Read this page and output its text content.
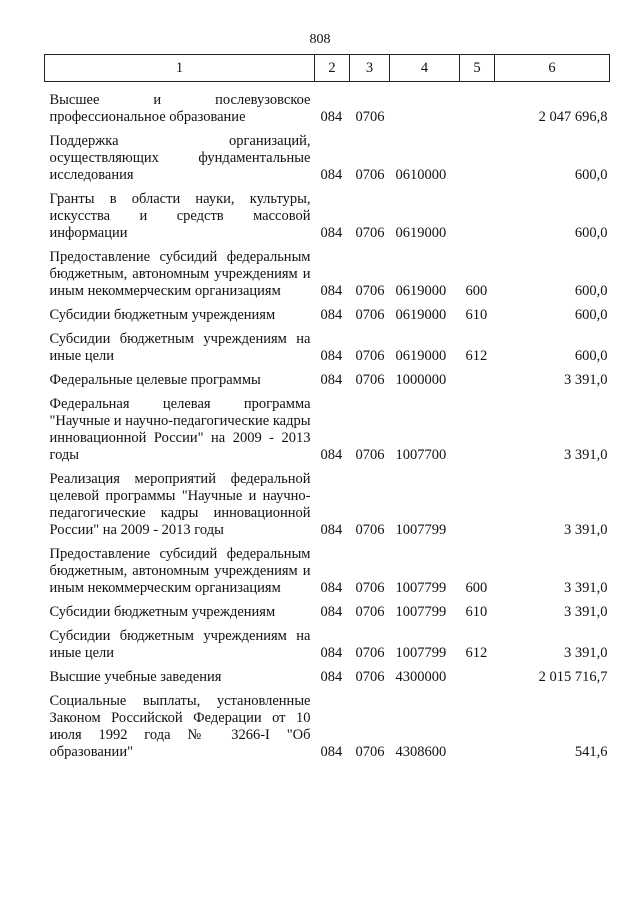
808
1	2	3	4	5	6

Высшее и послевузовское профессиональное образование	084	0706			2 047 696,8

Поддержка организаций, осуществляющих фундаментальные исследования	084	0706	0610000		600,0

Гранты в области науки, культуры, искусства и средств массовой информации	084	0706	0619000		600,0

Предоставление субсидий федеральным бюджетным, автономным учреждениям и иным некоммерческим организациям	084	0706	0619000	600	600,0

Субсидии бюджетным учреждениям	084	0706	0619000	610	600,0

Субсидии бюджетным учреждениям на иные цели	084	0706	0619000	612	600,0

Федеральные целевые программы	084	0706	1000000		3 391,0

Федеральная целевая программа "Научные и научно-педагогические кадры инновационной России" на 2009 - 2013 годы	084	0706	1007700		3 391,0

Реализация мероприятий федеральной целевой программы "Научные и научно-педагогические кадры инновационной России" на 2009 - 2013 годы	084	0706	1007799		3 391,0

Предоставление субсидий федеральным бюджетным, автономным учреждениям и иным некоммерческим организациям	084	0706	1007799	600	3 391,0

Субсидии бюджетным учреждениям	084	0706	1007799	610	3 391,0

Субсидии бюджетным учреждениям на иные цели	084	0706	1007799	612	3 391,0

Высшие учебные заведения	084	0706	4300000		2 015 716,7

Социальные выплаты, установленные Законом Российской Федерации от 10 июля 1992 года № 3266-I "Об образовании"	084	0706	4308600		541,6
